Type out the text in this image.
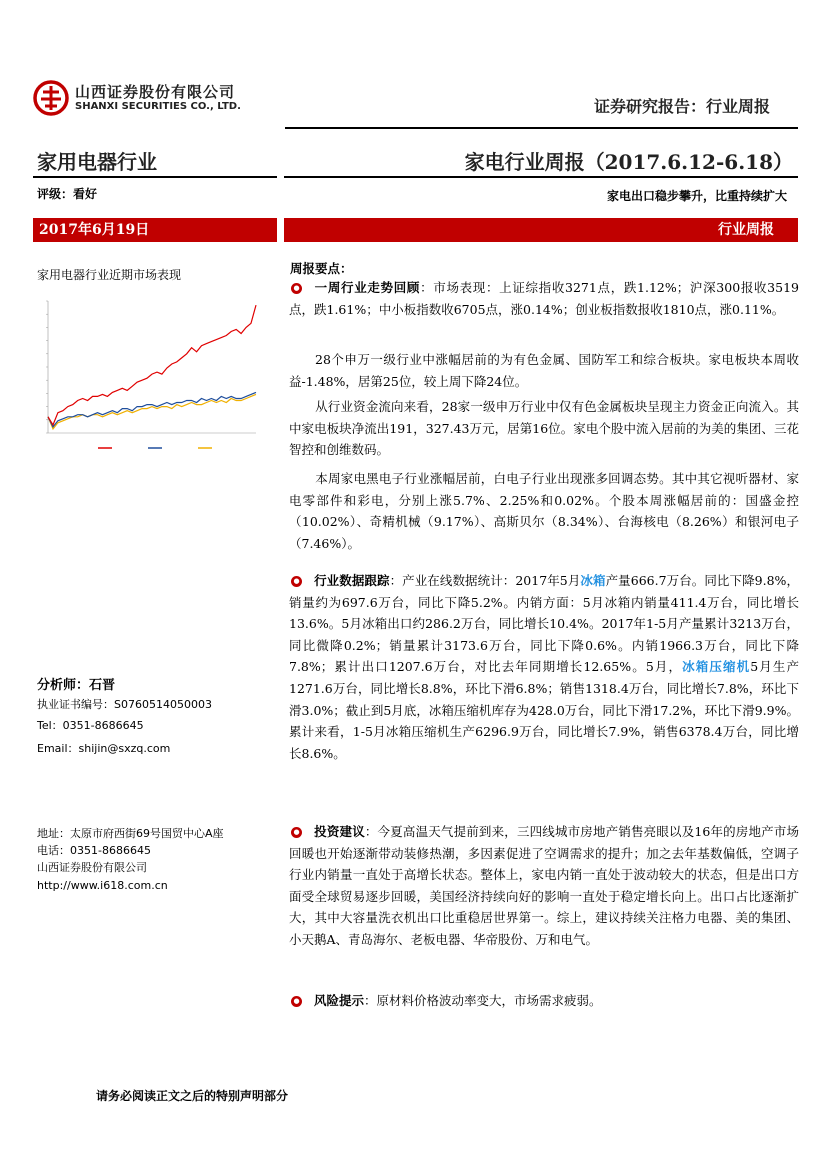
山西证券股份有限公司
SHANXI SECURITIES CO., LTD.	证券研究报告：行业周报
家用电器行业	家电行业周报（2017.6.12-6.18）
评级：看好	家电出口稳步攀升，比重持续扩大
2017年6月19日	行业周报
家用电器行业近期市场表现
分析师：石晋
执业证书编号：S0760514050003
Tel：0351-8686645
Email：shijin@sxzq.com
地址：太原市府西街69号国贸中心A座
电话：0351-8686645
山西证券股份有限公司
http://www.i618.com.cn
周报要点：
● 一周行业走势回顾：市场表现：上证综指收3271点，跌1.12%；沪深300报收3519点，跌1.61%；中小板指数收6705点，涨0.14%；创业板指数报收1810点，涨0.11%。
28个申万一级行业中涨幅居前的为有色金属、国防军工和综合板块。家电板块本周收益-1.48%，居第25位，较上周下降24位。
从行业资金流向来看，28家一级申万行业中仅有色金属板块呈现主力资金正向流入。其中家电板块净流出191，327.43万元，居第16位。家电个股中流入居前的为美的集团、三花智控和创维数码。
本周家电黑电子行业涨幅居前，白电子行业出现涨多回调态势。其中其它视听器材、家电零部件和彩电，分别上涨5.7%、2.25%和0.02%。个股本周涨幅居前的：国盛金控（10.02%）、奇精机械（9.17%）、高斯贝尔（8.34%）、台海核电（8.26%）和银河电子（7.46%）。
● 行业数据跟踪：产业在线数据统计：2017年5月冰箱产量666.7万台。同比下降9.8%，销量约为697.6万台，同比下降5.2%。内销方面：5月冰箱内销量411.4万台，同比增长13.6%。5月冰箱出口约286.2万台，同比增长10.4%。2017年1-5月产量累计3213万台，同比微降0.2%；销量累计3173.6万台，同比下降0.6%。内销1966.3万台，同比下降7.8%；累计出口1207.6万台，对比去年同期增长12.65%。5月，冰箱压缩机5月生产1271.6万台，同比增长8.8%，环比下滑6.8%；销售1318.4万台，同比增长7.8%，环比下滑3.0%；截止到5月底，冰箱压缩机库存为428.0万台，同比下滑17.2%，环比下滑9.9%。累计来看，1-5月冰箱压缩机生产6296.9万台，同比增长7.9%，销售6378.4万台，同比增长8.6%。
● 投资建议：今夏高温天气提前到来，三四线城市房地产销售亮眼以及16年的房地产市场回暖也开始逐渐带动装修热潮，多因素促进了空调需求的提升；加之去年基数偏低，空调子行业内销量一直处于高增长状态。整体上，家电内销一直处于波动较大的状态，但是出口方面受全球贸易逐步回暖，美国经济持续向好的影响一直处于稳定增长向上。出口占比逐渐扩大，其中大容量洗衣机出口比重稳居世界第一。综上，建议持续关注格力电器、美的集团、小天鹅A、青岛海尔、老板电器、华帝股份、万和电气。
● 风险提示：原材料价格波动率变大，市场需求疲弱。
请务必阅读正文之后的特别声明部分
